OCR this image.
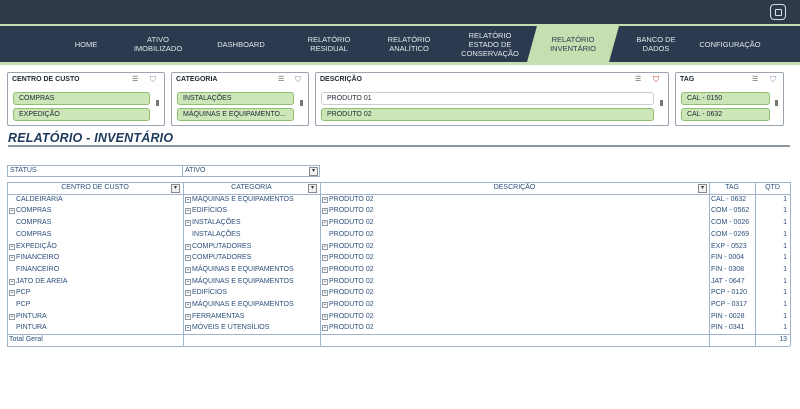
HOME	ATIVO
IMOBILIZADO	DASHBOARD	RELATÓRIO
RESIDUAL
RELATÓRIO
ANALÍTICO
RELATÓRIO
ESTADO DE
CONSERVAÇÃO
RELATÓRIO
INVENTÁRIO
BANCO DE
DADOS	CONFIGURAÇÃO
CENTRO DE CUSTO	☰	⛉
COMPRAS
EXPEDIÇÃO
CATEGORIA	☰	⛉
INSTALAÇÕES
MÁQUINAS E EQUIPAMENTO...
DESCRIÇÃO	☰	⛉
PRODUTO 01
PRODUTO 02
TAG	☰	⛉
CAL - 0150
CAL - 0632
RELATÓRIO - INVENTÁRIO
STATUS	ATIVO	▾
CENTRO DE CUSTO	CATEGORIA	DESCRIÇÃO	TAG	QTD
▾	▾	▾
CALDEIRARIA	+ MÁQUINAS E EQUIPAMENTOS	+ PRODUTO 02	CAL - 0632	1
+ COMPRAS	+ EDIFÍCIOS	+ PRODUTO 02	COM - 0562	1
COMPRAS	+ INSTALAÇÕES	+ PRODUTO 02	COM - 0026	1
COMPRAS	INSTALAÇÕES	PRODUTO 02	COM - 0269	1
+ EXPEDIÇÃO	+ COMPUTADORES	+ PRODUTO 02	EXP - 0523	1
+ FINANCEIRO	+ COMPUTADORES	+ PRODUTO 02	FIN - 0004	1
FINANCEIRO	+ MÁQUINAS E EQUIPAMENTOS	+ PRODUTO 02	FIN - 0308	1
+ JATO DE AREIA	+ MÁQUINAS E EQUIPAMENTOS	+ PRODUTO 02	JAT - 0647	1
+ PCP	+ EDIFÍCIOS	+ PRODUTO 02	PCP - 0120	1
PCP	+ MÁQUINAS E EQUIPAMENTOS	+ PRODUTO 02	PCP - 0317	1
+ PINTURA	+ FERRAMENTAS	+ PRODUTO 02	PIN - 0028	1
PINTURA	+ MÓVEIS E UTENSÍLIOS	+ PRODUTO 02	PIN - 0341	1
Total Geral	13
